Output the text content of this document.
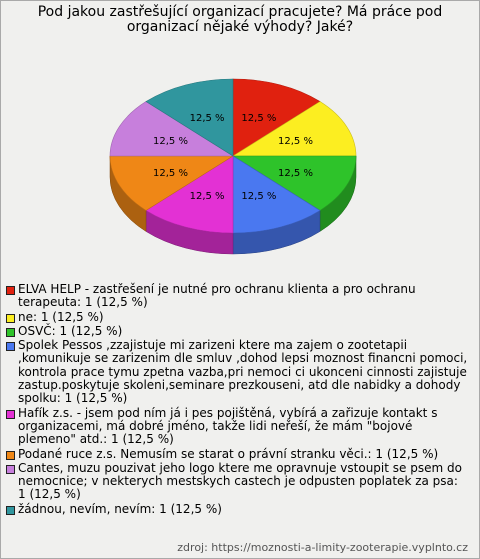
Pod jakou zastřešující organizací pracujete? Má práce pod organizací nějaké výhody? Jaké?
12,5 %
12,5 %
12,5 %
12,5 %
12,5 %
12,5 %
12,5 %
12,5 %
ELVA HELP - zastřešení je nutné pro ochranu klienta a pro ochranu terapeuta: 1 (12,5 %)
ne: 1 (12,5 %)
OSVČ: 1 (12,5 %)
Spolek Pessos ,zzajistuje mi zarizeni ktere ma zajem o zootetapii ,komunikuje se zarizenim dle smluv ,dohod lepsi moznost financni pomoci, kontrola prace tymu zpetna vazba,pri nemoci ci ukonceni cinnosti zajistuje zastup.poskytuje skoleni,seminare prezkouseni, atd dle nabidky a dohody spolku: 1 (12,5 %)
Hafík z.s. - jsem pod ním já i pes pojištěná, vybírá a zařizuje kontakt s organizacemi, má dobré jméno, takže lidi neřeší, že mám "bojové plemeno" atd.: 1 (12,5 %)
Podané ruce z.s. Nemusím se starat o právní stranku věci.: 1 (12,5 %)
Cantes, muzu pouzivat jeho logo ktere me opravnuje vstoupit se psem do nemocnice; v nekterych mestskych castech je odpusten poplatek za psa: 1 (12,5 %)
žádnou, nevím, nevím: 1 (12,5 %)
zdroj: https://moznosti-a-limity-zooterapie.vyplnto.cz
